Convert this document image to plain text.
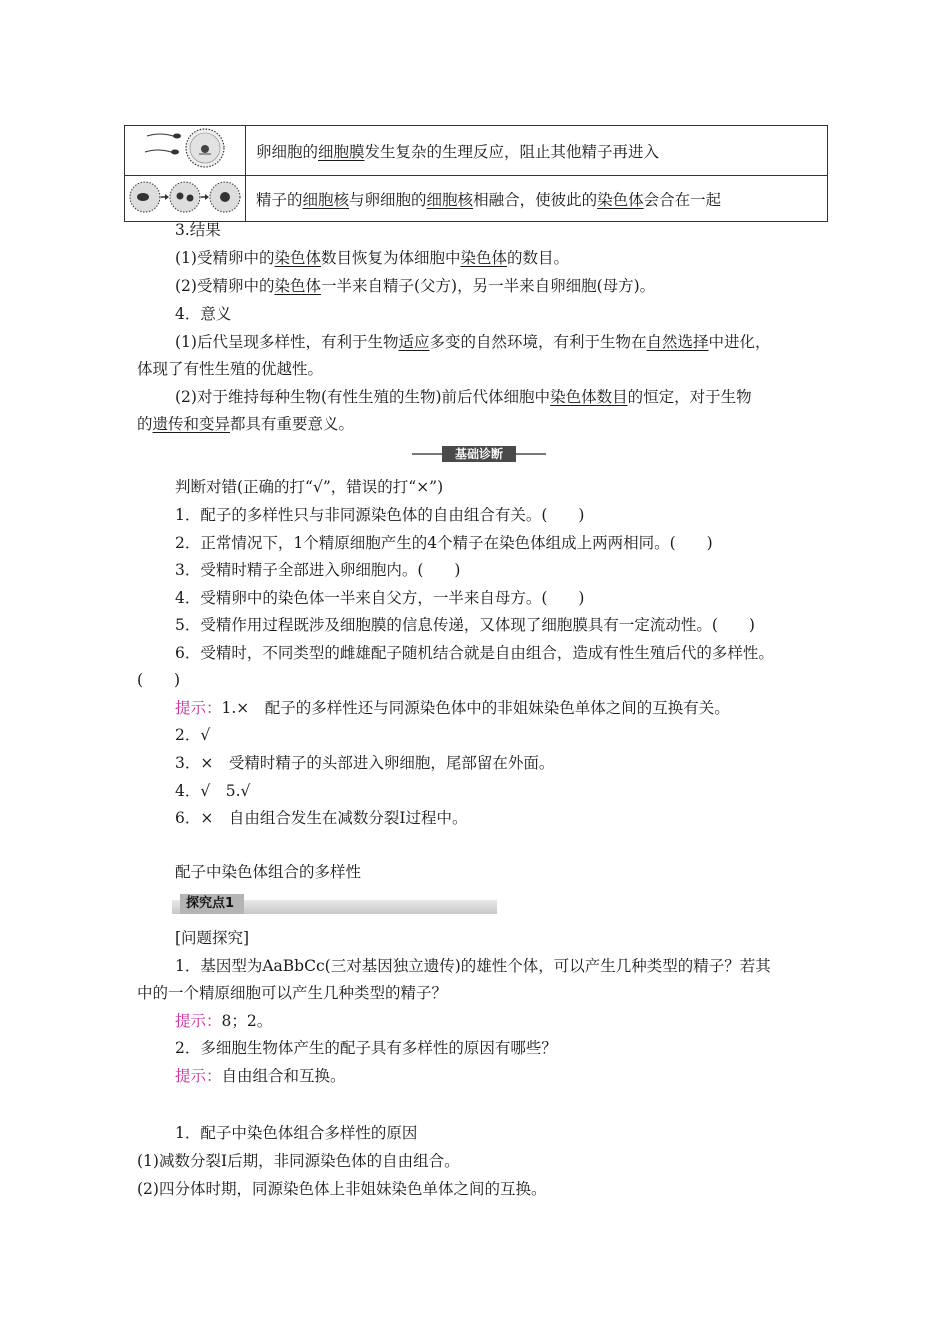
	卵细胞的细胞膜发生复杂的生理反应，阻止其他精子再进入
	精子的细胞核与卵细胞的细胞核相融合，使彼此的染色体会合在一起
3.结果
(1)受精卵中的染色体数目恢复为体细胞中染色体的数目。
(2)受精卵中的染色体一半来自精子(父方)，另一半来自卵细胞(母方)。
4．意义
(1)后代呈现多样性，有利于生物适应多变的自然环境，有利于生物在自然选择中进化，
体现了有性生殖的优越性。
(2)对于维持每种生物(有性生殖的生物)前后代体细胞中染色体数目的恒定，对于生物
的遗传和变异都具有重要意义。
基础诊断
判断对错(正确的打“√”，错误的打“×”)
1．配子的多样性只与非同源染色体的自由组合有关。(　　)
2．正常情况下，1个精原细胞产生的4个精子在染色体组成上两两相同。(　　)
3．受精时精子全部进入卵细胞内。(　　)
4．受精卵中的染色体一半来自父方，一半来自母方。(　　)
5．受精作用过程既涉及细胞膜的信息传递，又体现了细胞膜具有一定流动性。(　　)
6．受精时，不同类型的雌雄配子随机结合就是自由组合，造成有性生殖后代的多样性。
(　　)
提示：1.×　配子的多样性还与同源染色体中的非姐妹染色单体之间的互换有关。
2．√
3．×　受精时精子的头部进入卵细胞，尾部留在外面。
4．√　5.√
6．×　自由组合发生在减数分裂Ⅰ过程中。
配子中染色体组合的多样性
探究点1
[问题探究]
1．基因型为AaBbCc(三对基因独立遗传)的雄性个体，可以产生几种类型的精子？若其
中的一个精原细胞可以产生几种类型的精子？
提示：8；2。
2．多细胞生物体产生的配子具有多样性的原因有哪些？
提示：自由组合和互换。
1．配子中染色体组合多样性的原因
(1)减数分裂Ⅰ后期，非同源染色体的自由组合。
(2)四分体时期，同源染色体上非姐妹染色单体之间的互换。
